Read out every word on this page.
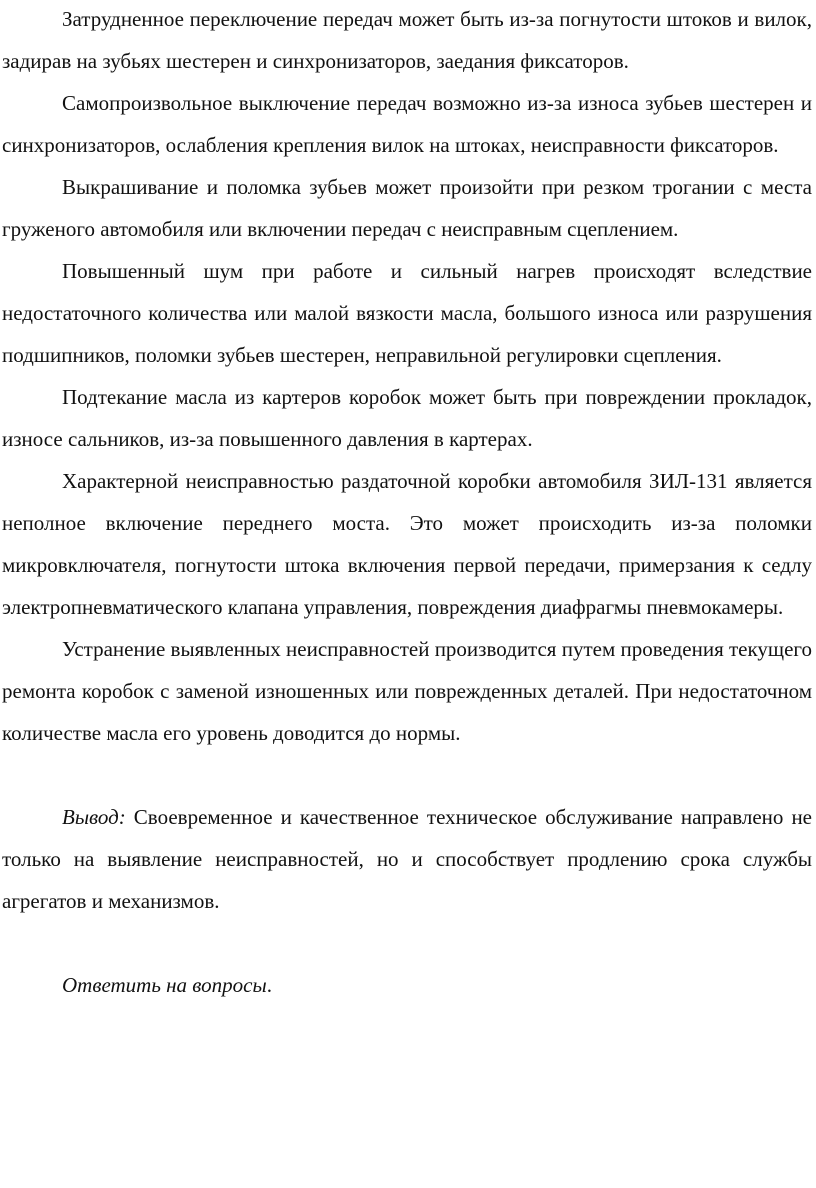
Затрудненное переключение передач может быть из-за погнутости штоков и вилок, задирав на зубьях шестерен и синхронизаторов, заедания фиксаторов.

Самопроизвольное выключение передач возможно из-за износа зубьев шестерен и синхронизаторов, ослабления крепления вилок на штоках, неисправности фиксаторов.

Выкрашивание и поломка зубьев может произойти при резком трогании с места груженого автомобиля или включении передач с неисправным сцеплением.

Повышенный шум при работе и сильный нагрев происходят вследствие недостаточного количества или малой вязкости масла, большого износа или разрушения подшипников, поломки зубьев шестерен, неправильной регулировки сцепления.

Подтекание масла из картеров коробок может быть при повреждении прокладок, износе сальников, из-за повышенного давления в картерах.

Характерной неисправностью раздаточной коробки автомобиля ЗИЛ-131 является неполное включение переднего моста. Это может происходить из-за поломки микровключателя, погнутости штока включения первой передачи, примерзания к седлу электропневматического клапана управления, повреждения диафрагмы пневмокамеры.

Устранение выявленных неисправностей производится путем проведения текущего ремонта коробок с заменой изношенных или поврежденных деталей. При недостаточном количестве масла его уровень доводится до нормы.

Вывод: Своевременное и качественное техническое обслуживание направлено не только на выявление неисправностей, но и способствует продлению срока службы агрегатов и механизмов.

Ответить на вопросы.
